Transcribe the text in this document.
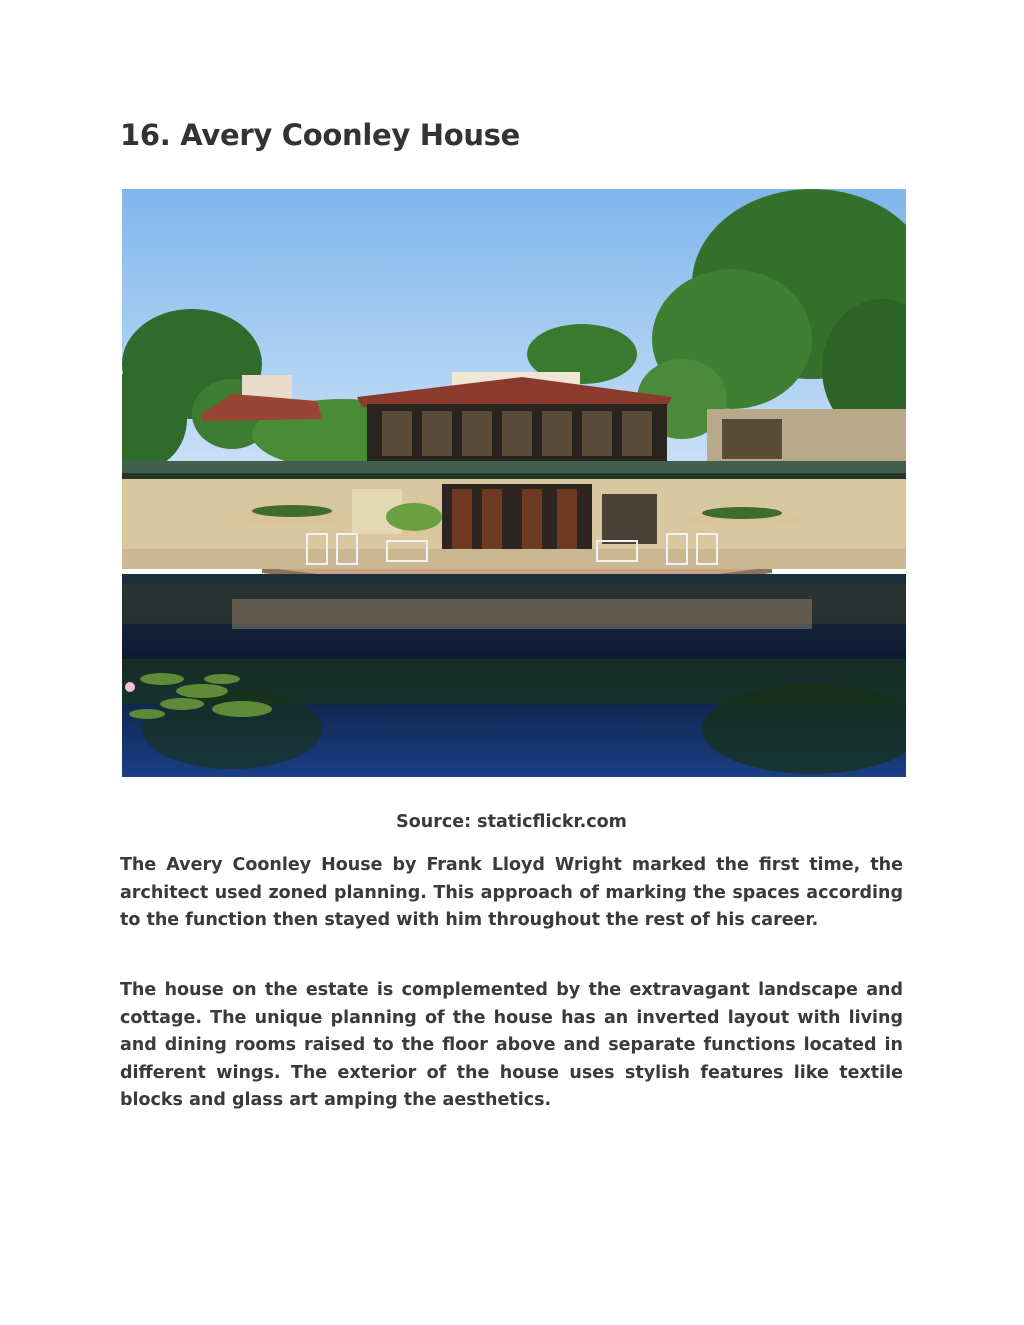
16. Avery Coonley House

Source: staticflickr.com

The Avery Coonley House by Frank Lloyd Wright marked the first time, the architect used zoned planning. This approach of marking the spaces according to the function then stayed with him throughout the rest of his career.

The house on the estate is complemented by the extravagant landscape and cottage. The unique planning of the house has an inverted layout with living and dining rooms raised to the floor above and separate functions located in different wings. The exterior of the house uses stylish features like textile blocks and glass art amping the aesthetics.
